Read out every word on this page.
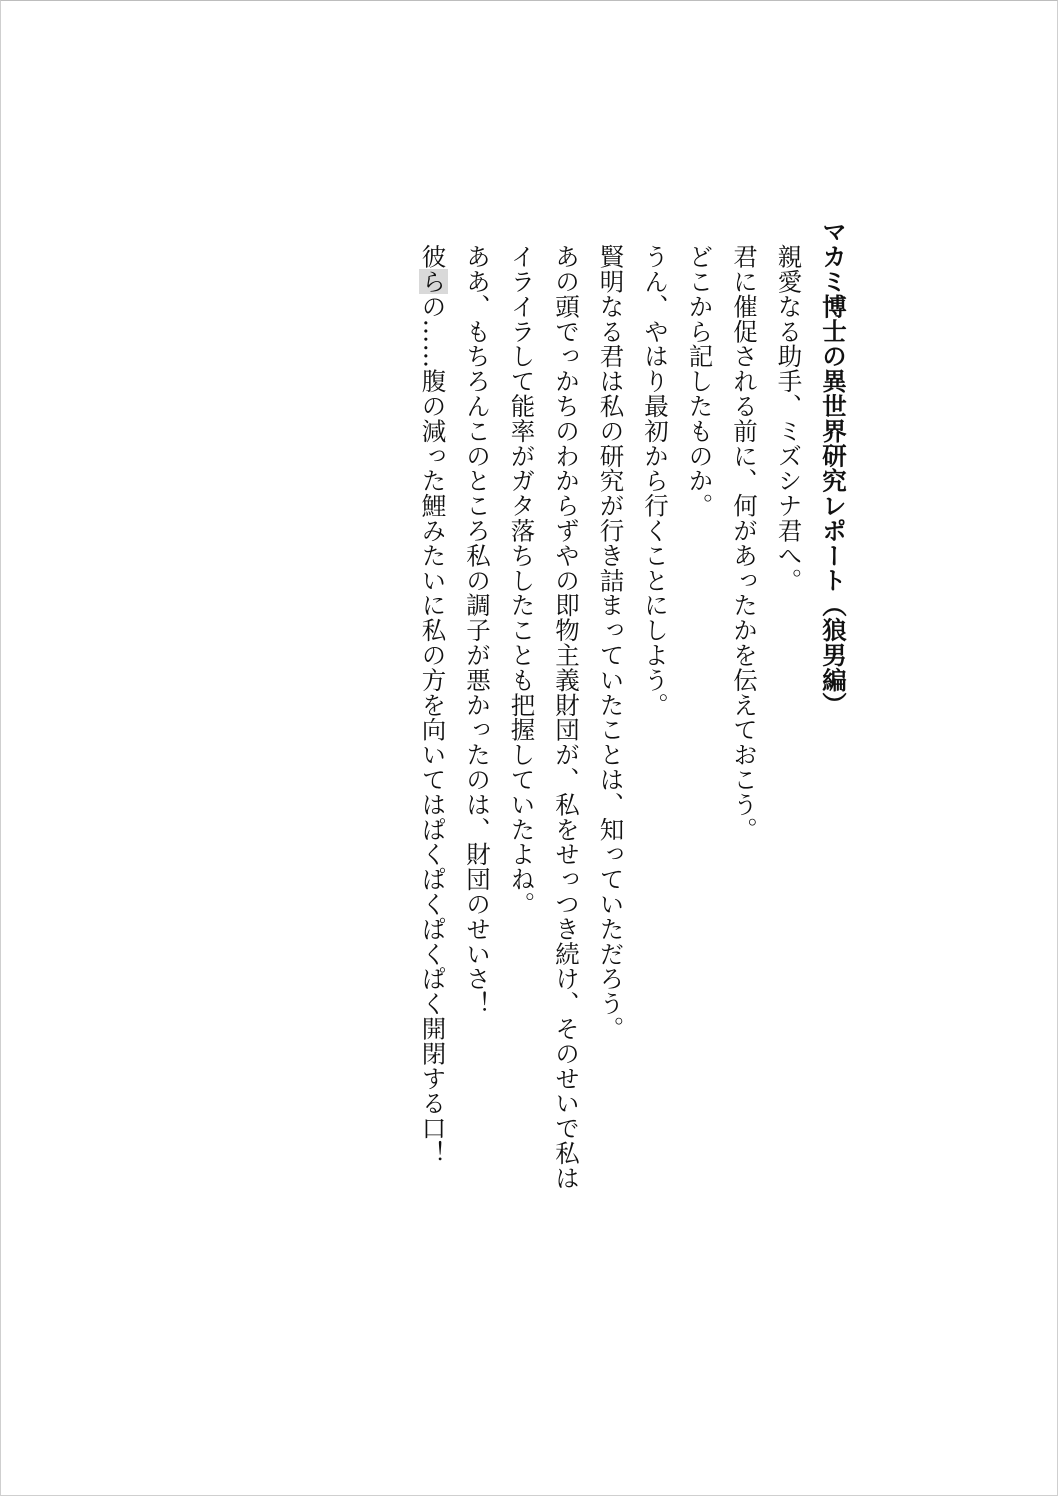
マカミ博士の異世界研究レポート（狼男編）
親愛なる助手、ミズシナ君へ。
君に催促される前に、何があったかを伝えておこう。
どこから記したものか。
うん、やはり最初から行くことにしよう。
賢明なる君は私の研究が行き詰まっていたことは、知っていただろう。
あの頭でっかちのわからずやの即物主義財団が、私をせっつき続け、そのせいで私は
イライラして能率がガタ落ちしたことも把握していたよね。
ああ、もちろんこのところ私の調子が悪かったのは、財団のせいさ！
彼らの……腹の減った鯉みたいに私の方を向いてはぱくぱくぱくぱく開閉する口！
